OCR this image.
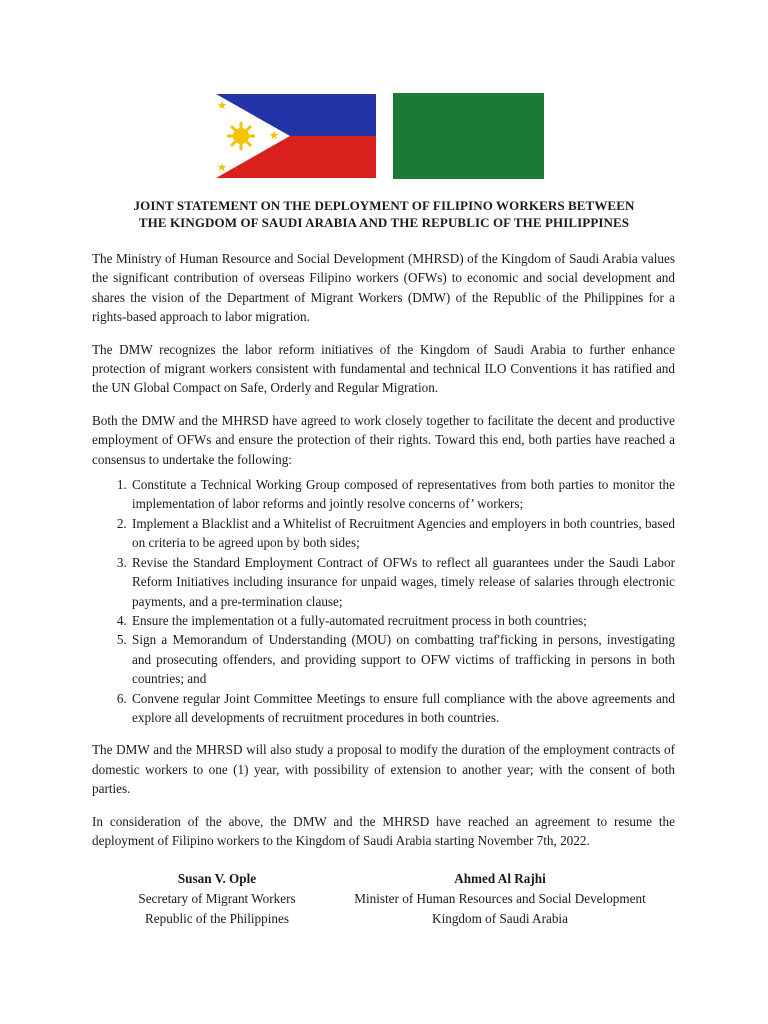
JOINT STATEMENT ON THE DEPLOYMENT OF FILIPINO WORKERS BETWEEN
THE KINGDOM OF SAUDI ARABIA AND THE REPUBLIC OF THE PHILIPPINES

The Ministry of Human Resource and Social Development (MHRSD) of the Kingdom of Saudi Arabia values the significant contribution of overseas Filipino workers (OFWs) to economic and social development and shares the vision of the Department of Migrant Workers (DMW) of the Republic of the Philippines for a rights-based approach to labor migration.

The DMW recognizes the labor reform initiatives of the Kingdom of Saudi Arabia to further enhance protection of migrant workers consistent with fundamental and technical ILO Conventions it has ratified and the UN Global Compact on Safe, Orderly and Regular Migration.

Both the DMW and the MHRSD have agreed to work closely together to facilitate the decent and productive employment of OFWs and ensure the protection of their rights. Toward this end, both parties have reached a consensus to undertake the following:

1. Constitute a Technical Working Group composed of representatives from both parties to monitor the implementation of labor reforms and jointly resolve concerns of’ workers;
2. Implement a Blacklist and a Whitelist of Recruitment Agencies and employers in both countries, based on criteria to be agreed upon by both sides;
3. Revise the Standard Employment Contract of OFWs to reflect all guarantees under the Saudi Labor Reform Initiatives including insurance for unpaid wages, timely release of salaries through electronic payments, and a pre-termination clause;
4. Ensure the implementation ot a fully-automated recruitment process in both countries;
5. Sign a Memorandum of Understanding (MOU) on combatting traf'ficking in persons, investigating and prosecuting offenders, and providing support to OFW victims of trafficking in persons in both countries; and
6. Convene regular Joint Committee Meetings to ensure full compliance with the above agreements and explore all developments of recruitment procedures in both countries.

The DMW and the MHRSD will also study a proposal to modify the duration of the employment contracts of domestic workers to one (1) year, with possibility of extension to another year; with the consent of both parties.

In consideration of the above, the DMW and the MHRSD have reached an agreement to resume the deployment of Filipino workers to the Kingdom of Saudi Arabia starting November 7th, 2022.

Susan V. Ople
Secretary of Migrant Workers
Republic of the Philippines
Ahmed Al Rajhi
Minister of Human Resources and Social Development
Kingdom of Saudi Arabia
